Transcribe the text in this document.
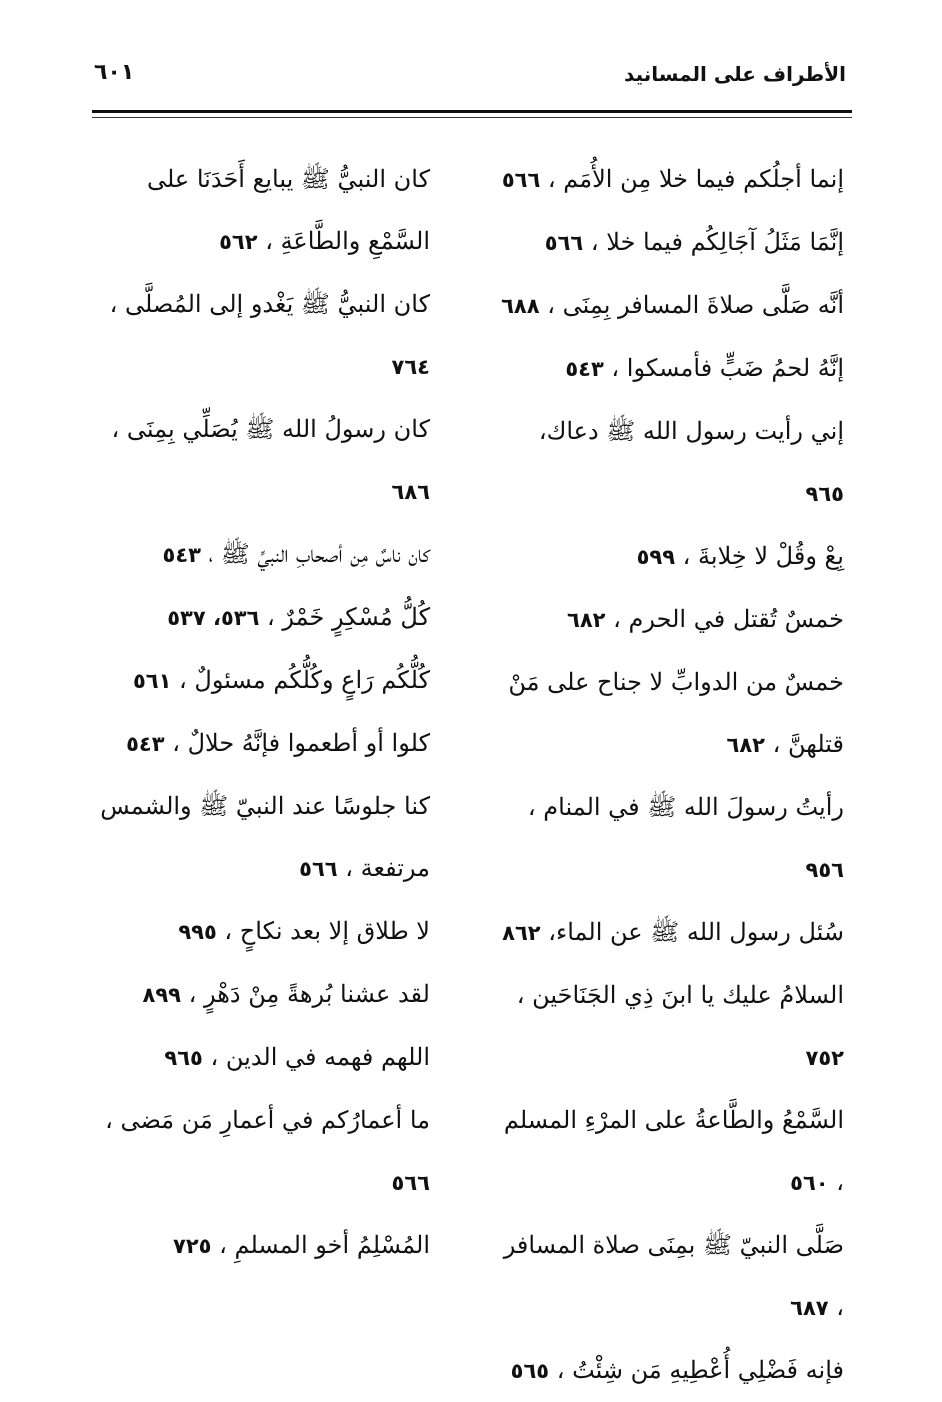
الأطراف على المسانيد
٦٠١

إنما أجلُكم فيما خلا مِن الأُمَم ، ٥٦٦

إنَّمَا مَثَلُ آجَالِكُم فيما خلا ، ٥٦٦

أنَّه صَلَّى صلاةَ المسافر بِمِنَى ، ٦٨٨

إنَّهُ لحمُ ضَبٍّ فأمسكوا ، ٥٤٣

إني رأيت رسول الله ﷺ دعاك، ٩٦٥

بِعْ وقُلْ لا خِلابةَ ، ٥٩٩

خمسٌ تُقتل في الحرم ، ٦٨٢

خمسٌ من الدوابِّ لا جناح على مَنْ قتلهنَّ ، ٦٨٢

رأيتُ رسولَ الله ﷺ في المنام ، ٩٥٦

سُئل رسول الله ﷺ عن الماء، ٨٦٢

السلامُ عليك يا ابنَ ذِي الجَنَاحَين ، ٧٥٢

السَّمْعُ والطَّاعةُ على المرْءِ المسلم ، ٥٦٠

صَلَّى النبيّ ﷺ بمِنَى صلاة المسافر ، ٦٨٧

فإنه فَضْلِي أُعْطِيهِ مَن شِئْتُ ، ٥٦٥

كان النبيُّ ﷺ يبايع أَحَدَنَا على السَّمْعِ والطَّاعَةِ ، ٥٦٢

كان النبيُّ ﷺ يَغْدو إلى المُصلَّى ، ٧٦٤

كان رسولُ الله ﷺ يُصَلِّي بِمِنَى ، ٦٨٦

كان ناسٌ مِن أصحابِ النبيِّ ﷺ ، ٥٤٣

كُلُّ مُسْكِرٍ خَمْرٌ ، ٥٣٦، ٥٣٧

كُلُّكُم رَاعٍ وكُلُّكُم مسئولٌ ، ٥٦١

كلوا أو أطعموا فإنَّهُ حلالٌ ، ٥٤٣

كنا جلوسًا عند النبيّ ﷺ والشمس مرتفعة ، ٥٦٦

لا طلاق إلا بعد نكاحٍ ، ٩٩٥

لقد عشنا بُرهةً مِنْ دَهْرٍ ، ٨٩٩

اللهم فهمه في الدين ، ٩٦٥

ما أعمارُكم في أعمارِ مَن مَضى ، ٥٦٦

المُسْلِمُ أخو المسلمِ ، ٧٢٥
